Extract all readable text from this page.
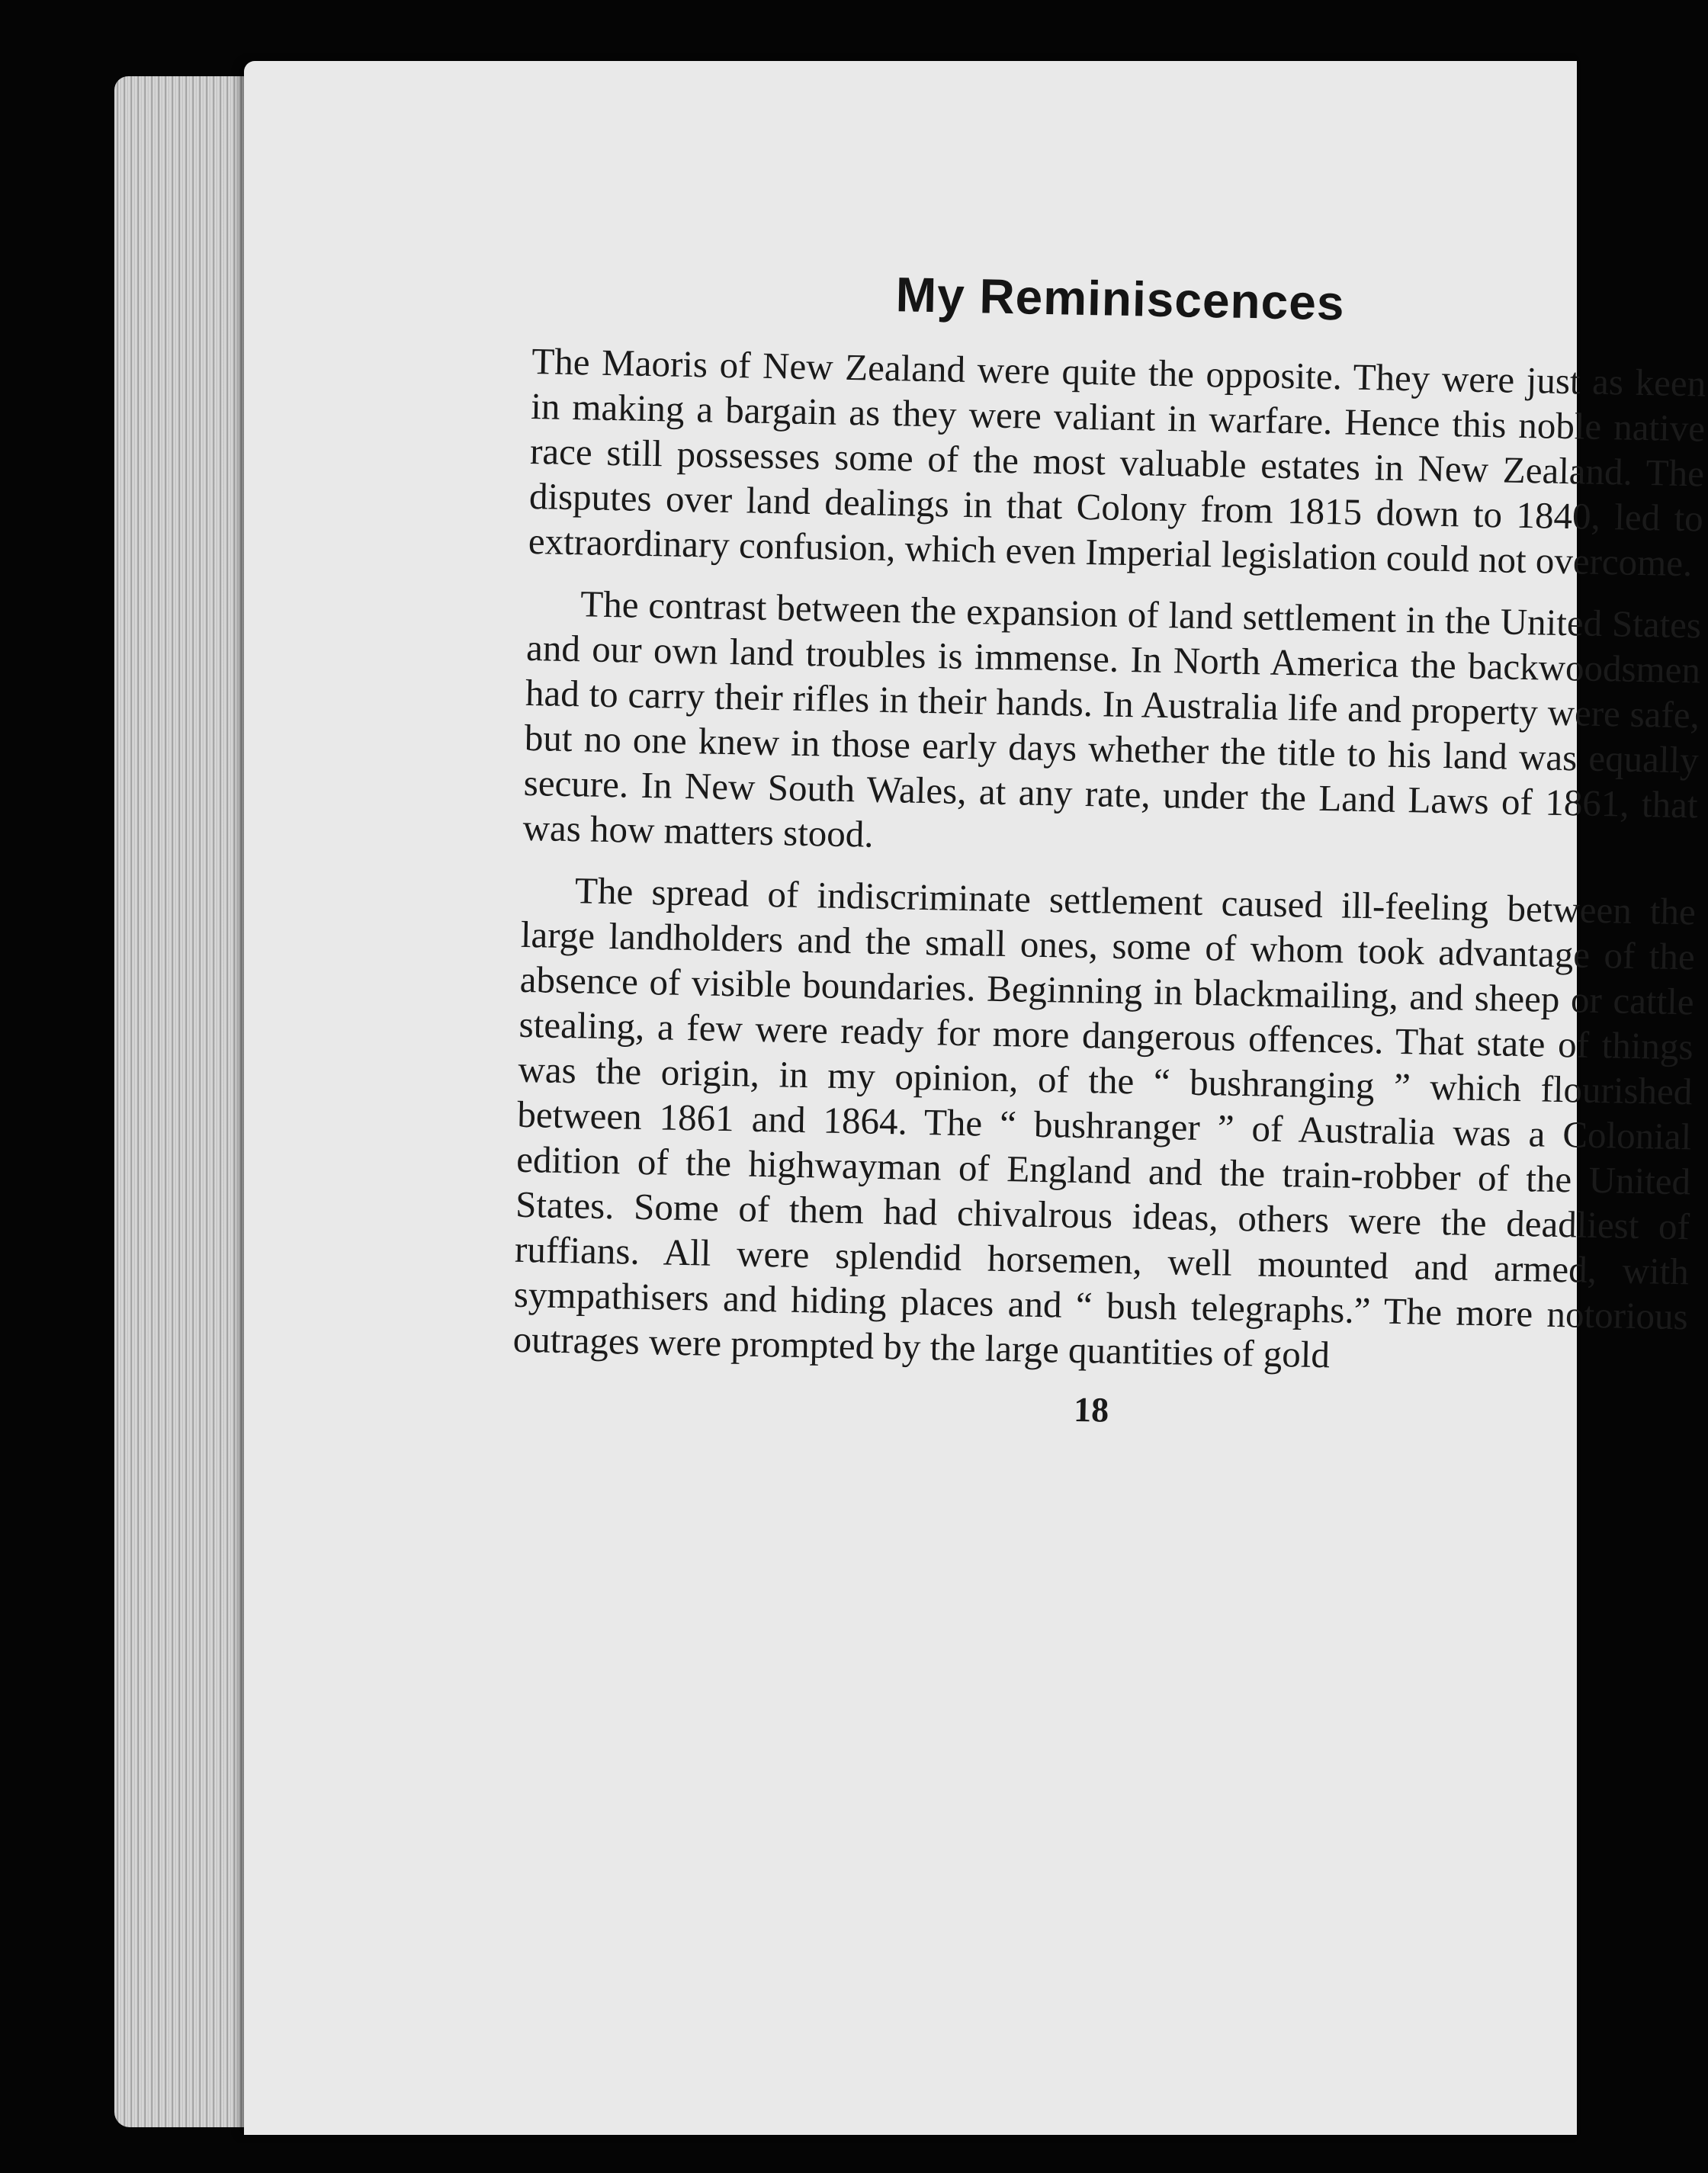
My Reminiscences

The Maoris of New Zealand were quite the opposite. They were just as keen in making a bargain as they were valiant in warfare. Hence this noble native race still possesses some of the most valuable estates in New Zealand. The disputes over land dealings in that Colony from 1815 down to 1840, led to extraordinary confusion, which even Imperial legislation could not overcome.

The contrast between the expansion of land settlement in the United States and our own land troubles is immense. In North America the backwoodsmen had to carry their rifles in their hands. In Australia life and property were safe, but no one knew in those early days whether the title to his land was equally secure. In New South Wales, at any rate, under the Land Laws of 1861, that was how matters stood.

The spread of indiscriminate settlement caused ill-feeling between the large landholders and the small ones, some of whom took advantage of the absence of visible boundaries. Beginning in blackmailing, and sheep or cattle stealing, a few were ready for more dangerous offences. That state of things was the origin, in my opinion, of the “ bushranging ” which flourished between 1861 and 1864. The “ bushranger ” of Australia was a Colonial edition of the highwayman of England and the train-robber of the United States. Some of them had chivalrous ideas, others were the deadliest of ruffians. All were splendid horsemen, well mounted and armed, with sympathisers and hiding places and “ bush telegraphs.” The more notorious outrages were prompted by the large quantities of gold

18
